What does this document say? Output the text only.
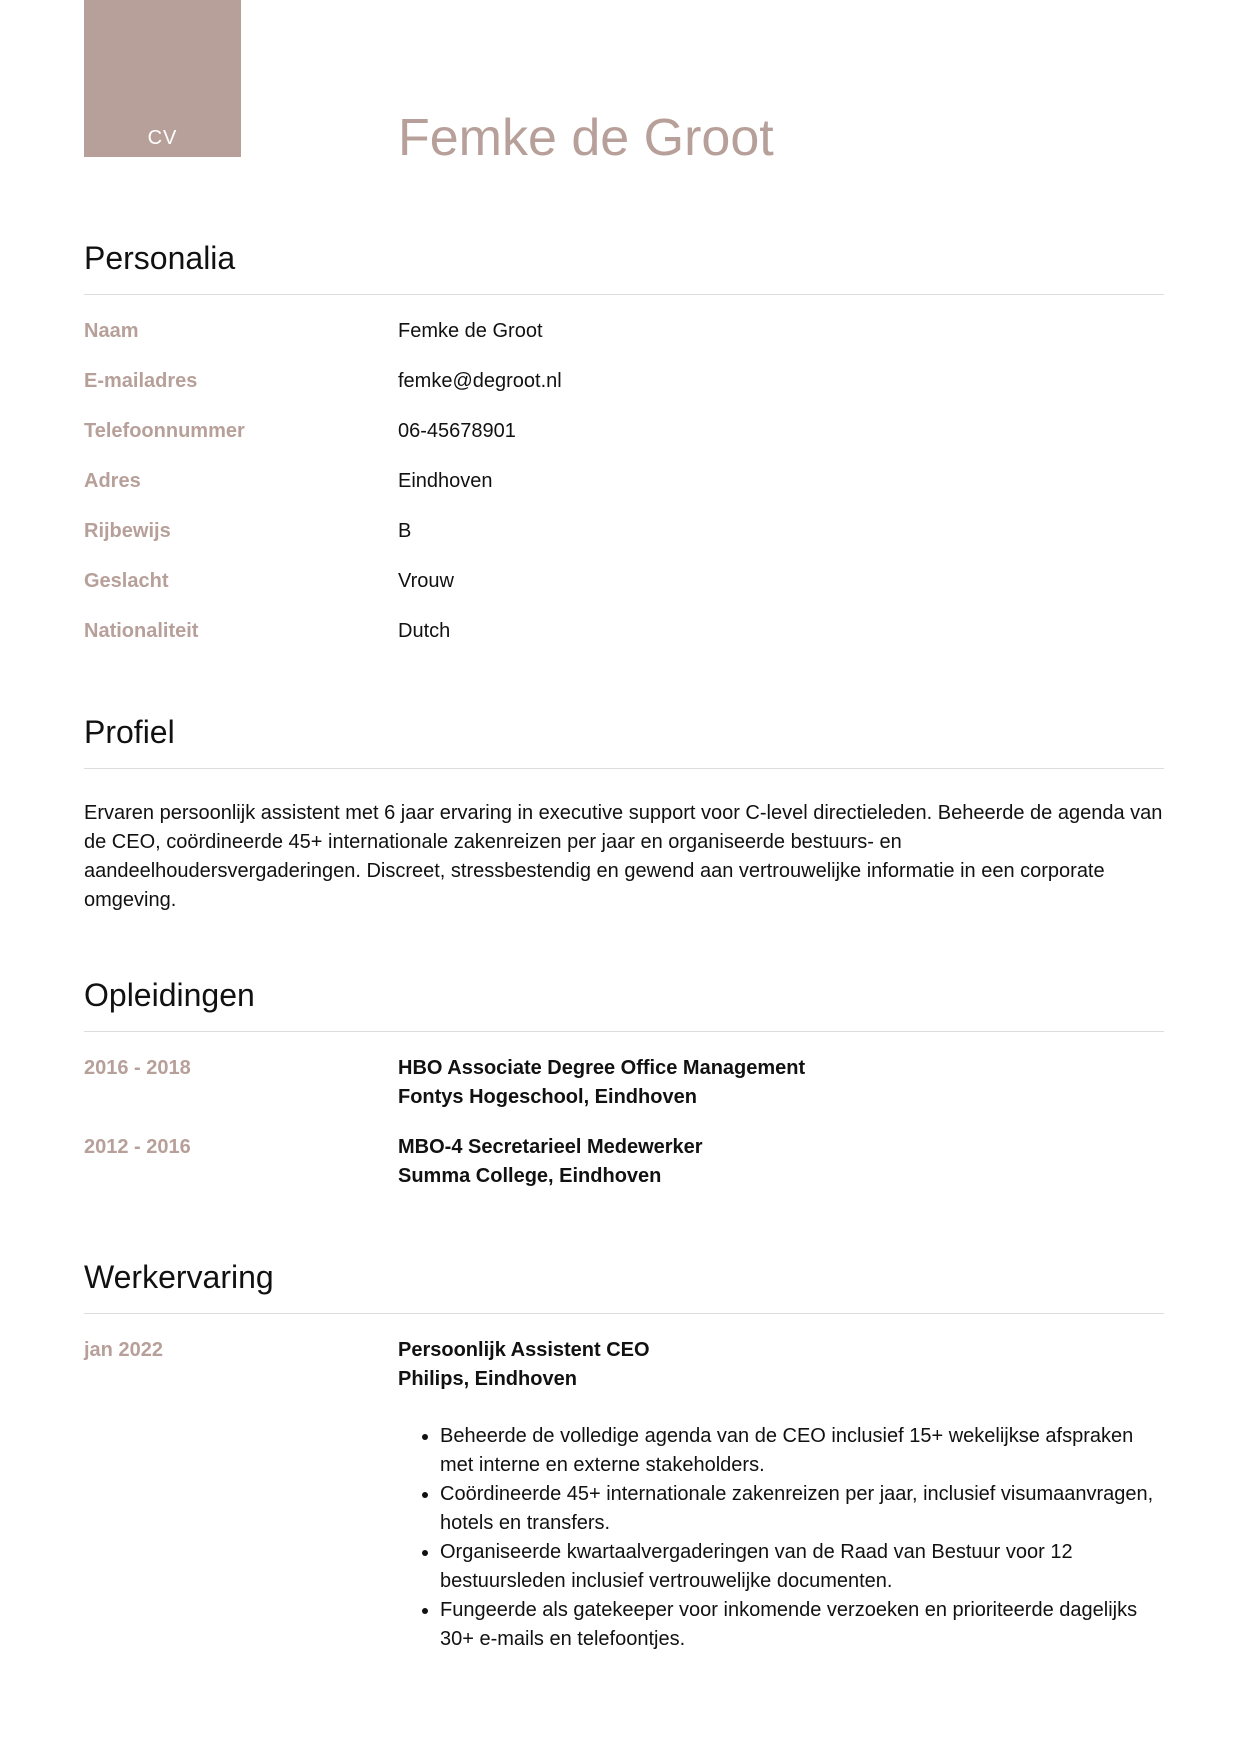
CV	Femke de Groot
Personalia
Naam	Femke de Groot
E-mailadres	femke@degroot.nl
Telefoonnummer	06-45678901
Adres	Eindhoven
Rijbewijs	B
Geslacht	Vrouw
Nationaliteit	Dutch
Profiel

Ervaren persoonlijk assistent met 6 jaar ervaring in executive support voor C-level directieleden. Beheerde de agenda van de CEO, coördineerde 45+ internationale zakenreizen per jaar en organiseerde bestuurs- en aandeelhoudersvergaderingen. Discreet, stressbestendig en gewend aan vertrouwelijke informatie in een corporate omgeving.

Opleidingen
2016 - 2018	HBO Associate Degree Office Management
Fontys Hogeschool, Eindhoven
2012 - 2016	MBO-4 Secretarieel Medewerker
Summa College, Eindhoven
Werkervaring
jan 2022	Persoonlijk Assistent CEO
Philips, Eindhoven
• Beheerde de volledige agenda van de CEO inclusief 15+ wekelijkse afspraken met interne en externe stakeholders.
• Coördineerde 45+ internationale zakenreizen per jaar, inclusief visumaanvragen, hotels en transfers.
• Organiseerde kwartaalvergaderingen van de Raad van Bestuur voor 12 bestuursleden inclusief vertrouwelijke documenten.
• Fungeerde als gatekeeper voor inkomende verzoeken en prioriteerde dagelijks 30+ e-mails en telefoontjes.
